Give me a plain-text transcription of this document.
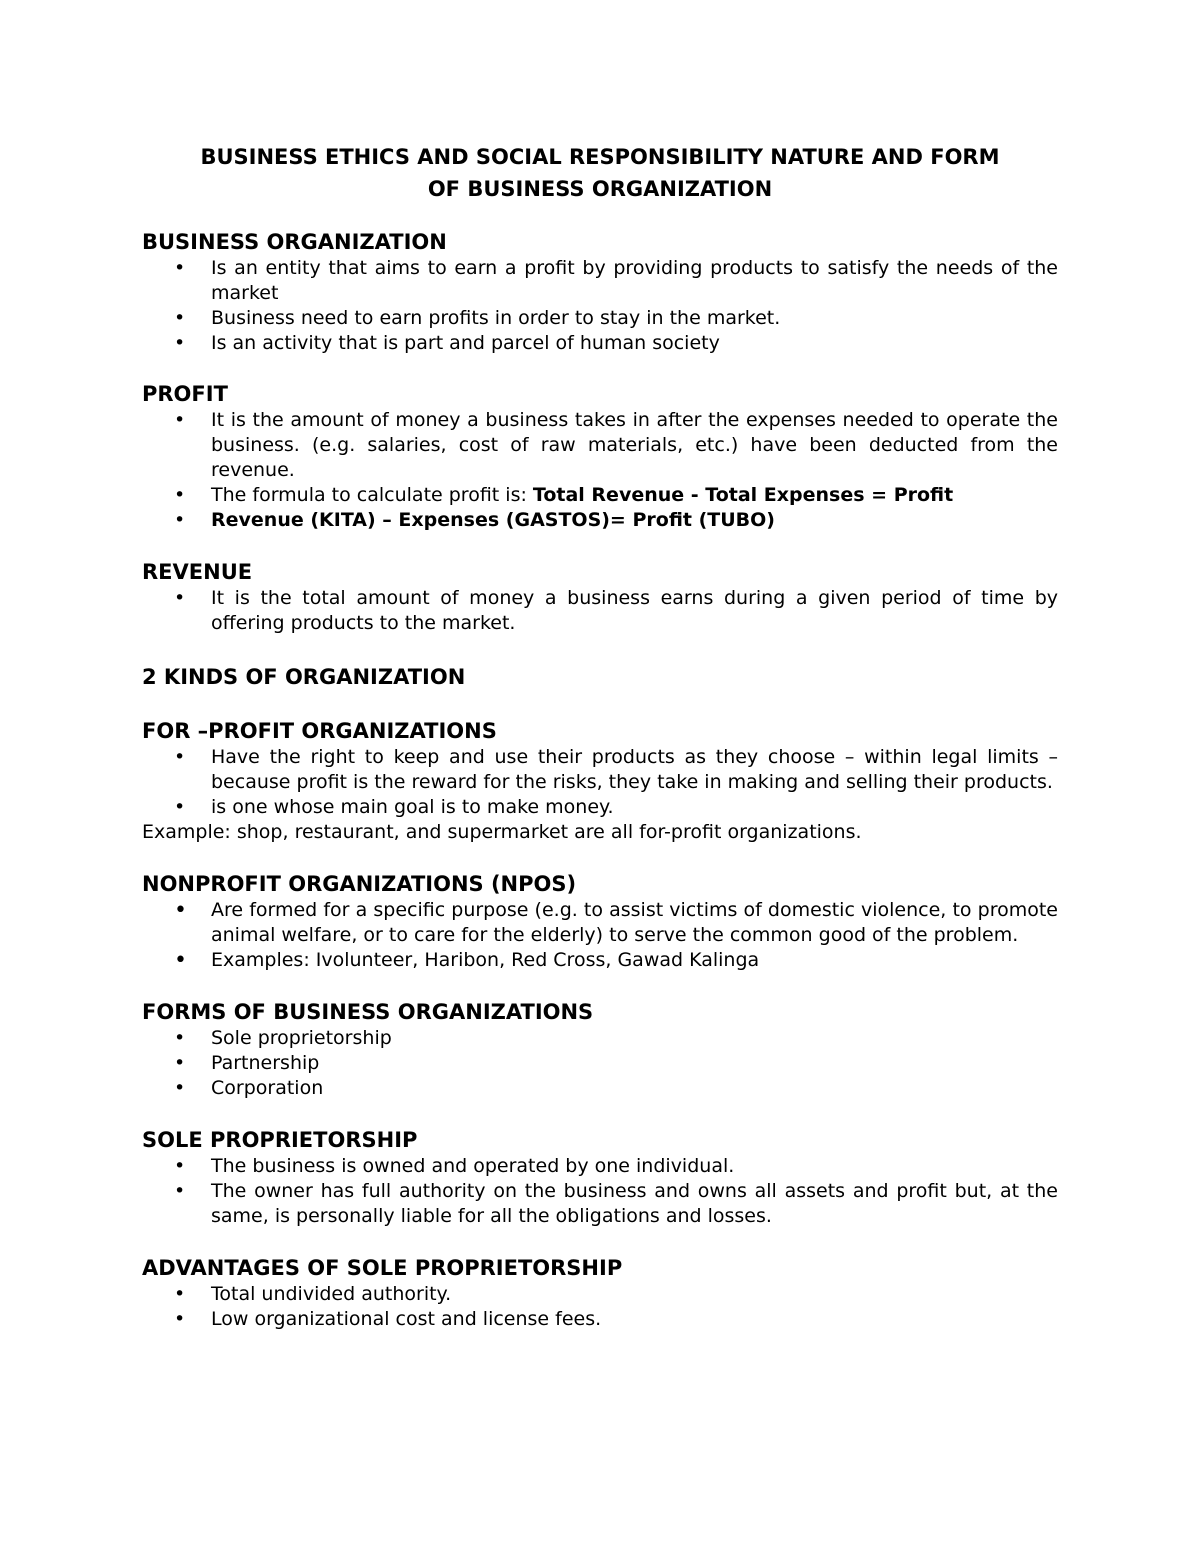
BUSINESS ETHICS AND SOCIAL RESPONSIBILITY NATURE AND FORM
OF BUSINESS ORGANIZATION
BUSINESS ORGANIZATION
• Is an entity that aims to earn a profit by providing products to satisfy the needs of the market
• Business need to earn profits in order to stay in the market.
• Is an activity that is part and parcel of human society
PROFIT
• It is the amount of money a business takes in after the expenses needed to operate the business. (e.g. salaries, cost of raw materials, etc.) have been deducted from the revenue.
• The formula to calculate profit is: Total Revenue - Total Expenses = Profit
• Revenue (KITA) – Expenses (GASTOS)= Profit (TUBO)
REVENUE
• It is the total amount of money a business earns during a given period of time by offering products to the market.
2 KINDS OF ORGANIZATION
FOR –PROFIT ORGANIZATIONS
• Have the right to keep and use their products as they choose – within legal limits – because profit is the reward for the risks, they take in making and selling their products.
• is one whose main goal is to make money.

Example: shop, restaurant, and supermarket are all for-profit organizations.

NONPROFIT ORGANIZATIONS (NPOS)
• Are formed for a specific purpose (e.g. to assist victims of domestic violence, to promote animal welfare, or to care for the elderly) to serve the common good of the problem.
• Examples: Ivolunteer, Haribon, Red Cross, Gawad Kalinga
FORMS OF BUSINESS ORGANIZATIONS
• Sole proprietorship
• Partnership
• Corporation
SOLE PROPRIETORSHIP
• The business is owned and operated by one individual.
• The owner has full authority on the business and owns all assets and profit but, at the same, is personally liable for all the obligations and losses.
ADVANTAGES OF SOLE PROPRIETORSHIP
• Total undivided authority.
• Low organizational cost and license fees.
